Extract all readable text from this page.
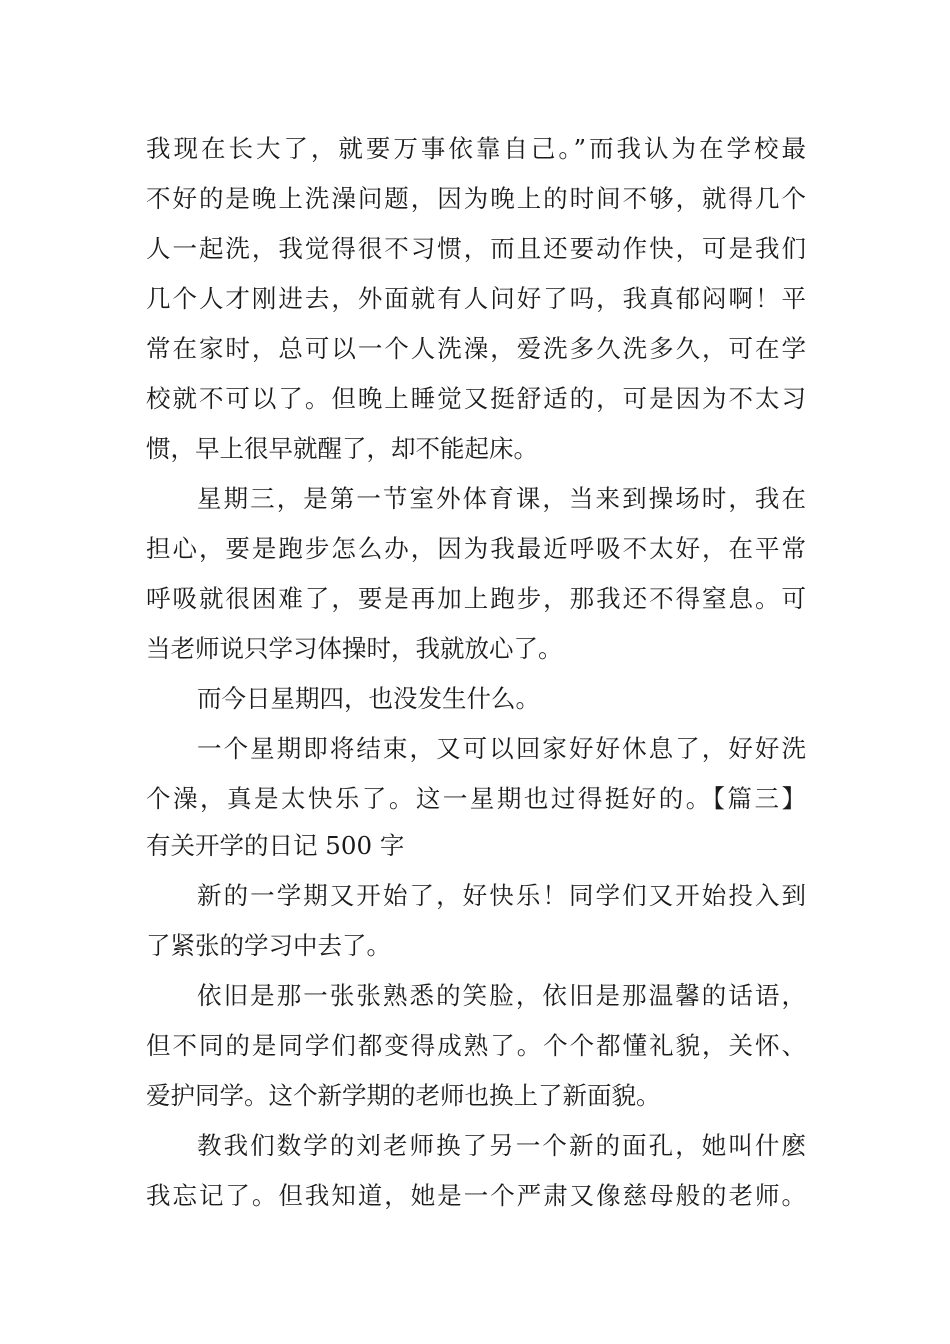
我现在长大了，就要万事依靠自己。”而我认为在学校最
不好的是晚上洗澡问题，因为晚上的时间不够，就得几个
人一起洗，我觉得很不习惯，而且还要动作快，可是我们
几个人才刚进去，外面就有人问好了吗，我真郁闷啊！平
常在家时，总可以一个人洗澡，爱洗多久洗多久，可在学
校就不可以了。但晚上睡觉又挺舒适的，可是因为不太习
惯，早上很早就醒了，却不能起床。
星期三，是第一节室外体育课，当来到操场时，我在
担心，要是跑步怎么办，因为我最近呼吸不太好，在平常
呼吸就很困难了，要是再加上跑步，那我还不得窒息。可
当老师说只学习体操时，我就放心了。
而今日星期四，也没发生什么。
一个星期即将结束，又可以回家好好休息了，好好洗
个澡，真是太快乐了。这一星期也过得挺好的。【篇三】
有关开学的日记 500 字
新的一学期又开始了，好快乐！同学们又开始投入到
了紧张的学习中去了。
依旧是那一张张熟悉的笑脸，依旧是那温馨的话语，
但不同的是同学们都变得成熟了。个个都懂礼貌，关怀、
爱护同学。这个新学期的老师也换上了新面貌。
教我们数学的刘老师换了另一个新的面孔，她叫什麽
我忘记了。但我知道，她是一个严肃又像慈母般的老师。
